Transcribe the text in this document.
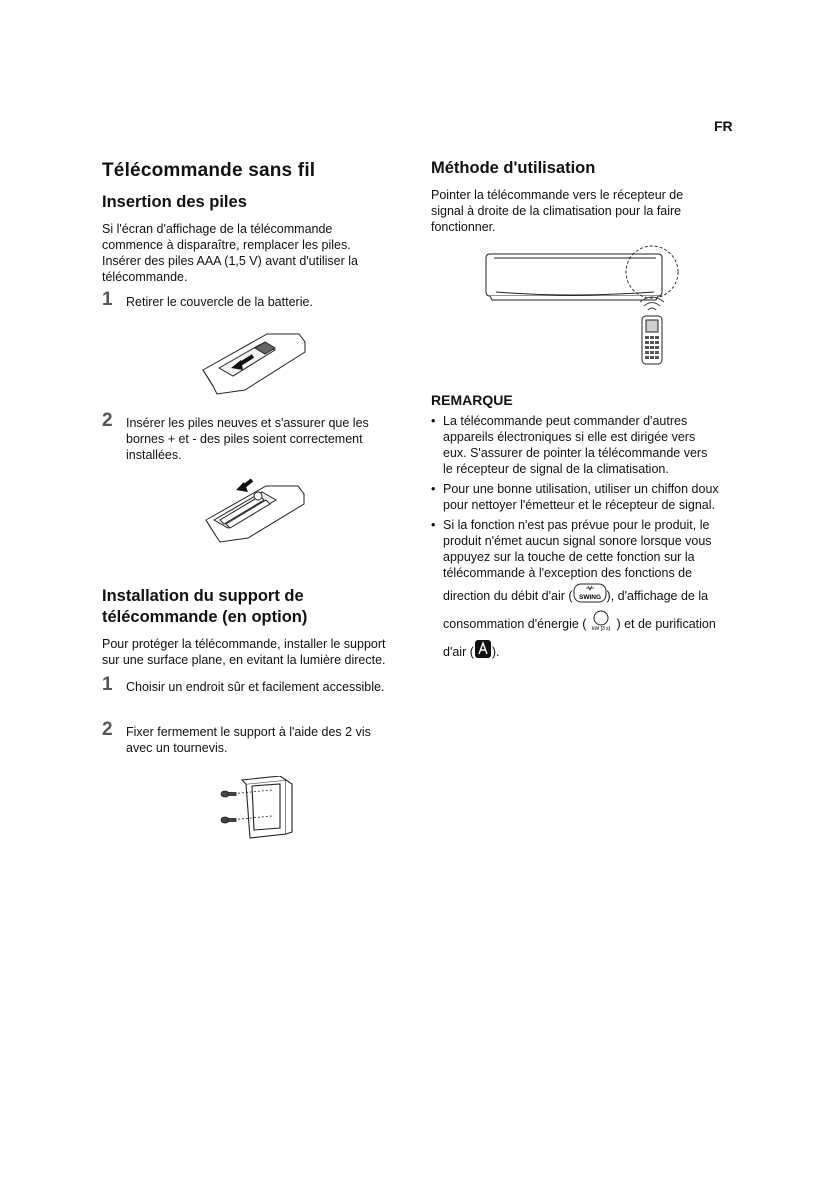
FR
Télécommande sans fil
Insertion des piles

Si l'écran d'affichage de la télécommande
commence à disparaître, remplacer les piles.
Insérer des piles AAA (1,5 V) avant d'utiliser la
télécommande.

1 Retirer le couvercle de la batterie.
2 Insérer les piles neuves et s'assurer que les
bornes + et - des piles soient correctement
installées.
Installation du support de
télécommande (en option)

Pour protéger la télécommande, installer le support
sur une surface plane, en evitant la lumière directe.

1 Choisir un endroit sûr et facilement accessible.
2 Fixer fermement le support à l'aide des 2 vis
avec un tournevis.
Méthode d'utilisation

Pointer la télécommande vers le récepteur de
signal à droite de la climatisation pour la faire
fonctionner.

REMARQUE
• La télécommande peut commander d'autres
appareils électroniques si elle est dirigée vers
eux. S'assurer de pointer la télécommande vers
le récepteur de signal de la climatisation.
• Pour une bonne utilisation, utiliser un chiffon doux
pour nettoyer l'émetteur et le récepteur de signal.
• Si la fonction n'est pas prévue pour le produit, le
produit n'émet aucun signal sonore lorsque vous
appuyez sur la touche de cette fonction sur la
télécommande à l'exception des fonctions de
direction du débit d'air ( SWING ), d'affichage de la
consommation d'énergie ( kW [3 s] ) et de purification
d'air ( ).
